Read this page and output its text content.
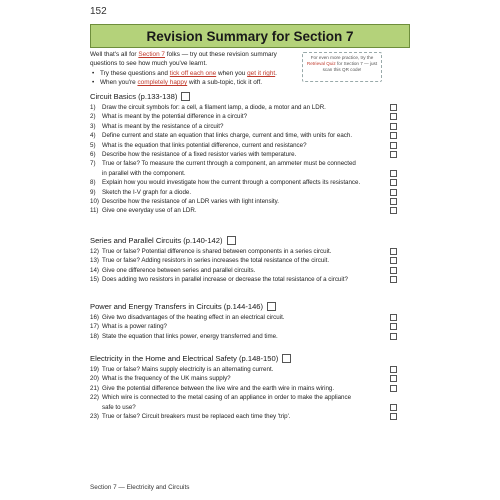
152
Revision Summary for Section 7

Well that's all for Section 7 folks — try out these revision summary questions to see how much you've learnt.

• Try these questions and tick off each one when you get it right.
• When you're completely happy with a sub-topic, tick it off.
For even more practice, try the Retrieval Quiz for Section 7 — just scan this QR code!
Circuit Basics (p.133-138)
1) Draw the circuit symbols for: a cell, a filament lamp, a diode, a motor and an LDR.
2) What is meant by the potential difference in a circuit?
3) What is meant by the resistance of a circuit?
4) Define current and state an equation that links charge, current and time, with units for each.
5) What is the equation that links potential difference, current and resistance?
6) Describe how the resistance of a fixed resistor varies with temperature.
7) True or false? To measure the current through a component, an ammeter must be connected
in parallel with the component.
8) Explain how you would investigate how the current through a component affects its resistance.
9) Sketch the I-V graph for a diode.
10) Describe how the resistance of an LDR varies with light intensity.
11) Give one everyday use of an LDR.
Series and Parallel Circuits (p.140-142)
12) True or false? Potential difference is shared between components in a series circuit.
13) True or false? Adding resistors in series increases the total resistance of the circuit.
14) Give one difference between series and parallel circuits.
15) Does adding two resistors in parallel increase or decrease the total resistance of a circuit?
Power and Energy Transfers in Circuits (p.144-146)
16) Give two disadvantages of the heating effect in an electrical circuit.
17) What is a power rating?
18) State the equation that links power, energy transferred and time.
Electricity in the Home and Electrical Safety (p.148-150)
19) True or false? Mains supply electricity is an alternating current.
20) What is the frequency of the UK mains supply?
21) Give the potential difference between the live wire and the earth wire in mains wiring.
22) Which wire is connected to the metal casing of an appliance in order to make the appliance
safe to use?
23) True or false? Circuit breakers must be replaced each time they 'trip'.
Section 7 — Electricity and Circuits
